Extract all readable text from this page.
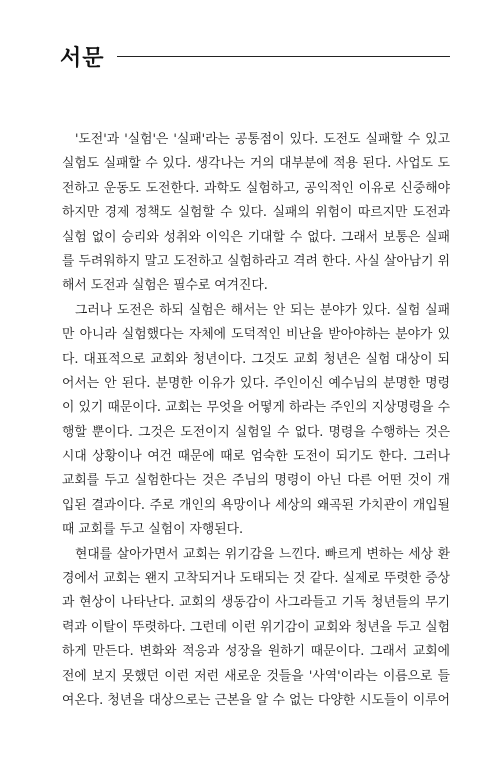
서문
'도전'과 '실험'은 '실패'라는 공통점이 있다. 도전도 실패할 수 있고
실험도 실패할 수 있다. 생각나는 거의 대부분에 적용 된다. 사업도 도
전하고 운동도 도전한다. 과학도 실험하고, 공익적인 이유로 신중해야
하지만 경제 정책도 실험할 수 있다. 실패의 위험이 따르지만 도전과
실험 없이 승리와 성취와 이익은 기대할 수 없다. 그래서 보통은 실패
를 두려워하지 말고 도전하고 실험하라고 격려 한다. 사실 살아남기 위
해서 도전과 실험은 필수로 여겨진다.
그러나 도전은 하되 실험은 해서는 안 되는 분야가 있다. 실험 실패
만 아니라 실험했다는 자체에 도덕적인 비난을 받아야하는 분야가 있
다. 대표적으로 교회와 청년이다. 그것도 교회 청년은 실험 대상이 되
어서는 안 된다. 분명한 이유가 있다. 주인이신 예수님의 분명한 명령
이 있기 때문이다. 교회는 무엇을 어떻게 하라는 주인의 지상명령을 수
행할 뿐이다. 그것은 도전이지 실험일 수 없다. 명령을 수행하는 것은
시대 상황이나 여건 때문에 때로 엄숙한 도전이 되기도 한다. 그러나
교회를 두고 실험한다는 것은 주님의 명령이 아닌 다른 어떤 것이 개
입된 결과이다. 주로 개인의 욕망이나 세상의 왜곡된 가치관이 개입될
때 교회를 두고 실험이 자행된다.
현대를 살아가면서 교회는 위기감을 느낀다. 빠르게 변하는 세상 환
경에서 교회는 왠지 고착되거나 도태되는 것 같다. 실제로 뚜렷한 증상
과 현상이 나타난다. 교회의 생동감이 사그라들고 기독 청년들의 무기
력과 이탈이 뚜렷하다. 그런데 이런 위기감이 교회와 청년을 두고 실험
하게 만든다. 변화와 적응과 성장을 원하기 때문이다. 그래서 교회에
전에 보지 못했던 이런 저런 새로운 것들을 '사역'이라는 이름으로 들
여온다. 청년을 대상으로는 근본을 알 수 없는 다양한 시도들이 이루어
